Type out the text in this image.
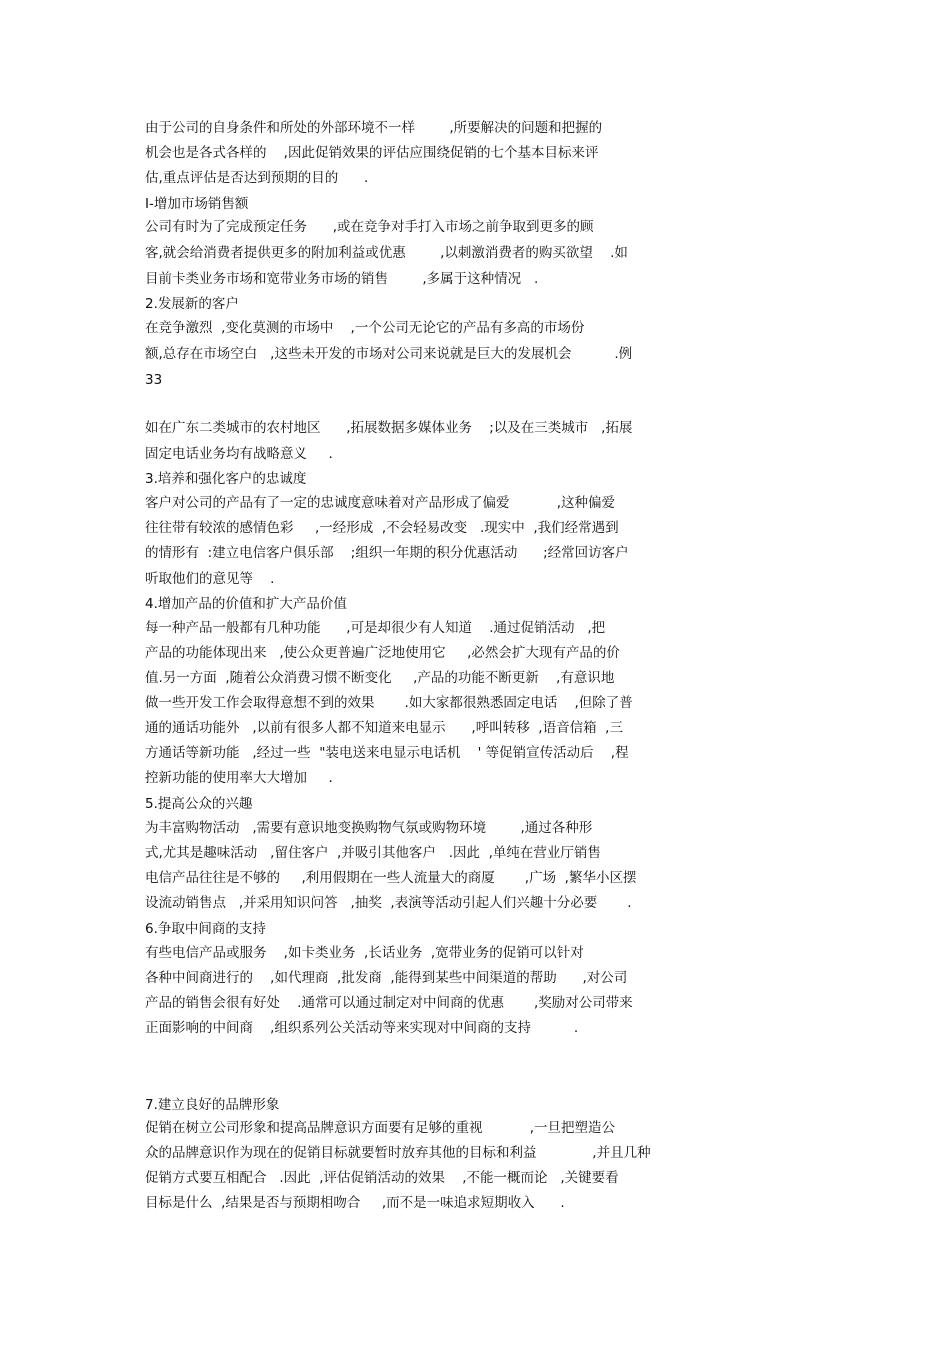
由于公司的自身条件和所处的外部环境不一样        ,所要解决的问题和把握的
机会也是各式各样的    ,因此促销效果的评估应围绕促销的七个基本目标来评
估,重点评估是否达到预期的目的      .
I-增加市场销售额
公司有时为了完成预定任务      ,或在竞争对手打入市场之前争取到更多的顾
客,就会给消费者提供更多的附加利益或优惠        ,以刺激消费者的购买欲望    .如
目前卡类业务市场和宽带业务市场的销售        ,多属于这种情况   .
2.发展新的客户
在竞争激烈  ,变化莫测的市场中    ,一个公司无论它的产品有多高的市场份
额,总存在市场空白   ,这些未开发的市场对公司来说就是巨大的发展机会          .例
33
如在广东二类城市的农村地区      ,拓展数据多媒体业务    ;以及在三类城市   ,拓展
固定电话业务均有战略意义     .
3.培养和强化客户的忠诚度
客户对公司的产品有了一定的忠诚度意味着对产品形成了偏爱           ,这种偏爱
往往带有较浓的感情色彩     ,一经形成  ,不会轻易改变   .现实中  ,我们经常遇到
的情形有  :建立电信客户俱乐部    ;组织一年期的积分优惠活动      ;经常回访客户
听取他们的意见等    .
4.增加产品的价值和扩大产品价值
每一种产品一般都有几种功能      ,可是却很少有人知道    .通过促销活动   ,把
产品的功能体现出来   ,使公众更普遍广泛地使用它     ,必然会扩大现有产品的价
值.另一方面  ,随着公众消费习惯不断变化     ,产品的功能不断更新    ,有意识地
做一些开发工作会取得意想不到的效果       .如大家都很熟悉固定电话    ,但除了普
通的通话功能外   ,以前有很多人都不知道来电显示      ,呼叫转移  ,语音信箱  ,三
方通话等新功能   ,经过一些  "装电送来电显示电话机    ' 等促销宣传活动后    ,程
控新功能的使用率大大增加     .
5.提高公众的兴趣
为丰富购物活动   ,需要有意识地变换购物气氛或购物环境        ,通过各种形
式,尤其是趣味活动   ,留住客户  ,并吸引其他客户   .因此  ,单纯在营业厅销售
电信产品往往是不够的     ,利用假期在一些人流量大的商厦       ,广场  ,繁华小区摆
设流动销售点   ,并采用知识问答   ,抽奖  ,表演等活动引起人们兴趣十分必要       .
6.争取中间商的支持
有些电信产品或服务    ,如卡类业务  ,长话业务  ,宽带业务的促销可以针对
各种中间商进行的    ,如代理商  ,批发商  ,能得到某些中间渠道的帮助      ,对公司
产品的销售会很有好处    .通常可以通过制定对中间商的优惠       ,奖励对公司带来
正面影响的中间商    ,组织系列公关活动等来实现对中间商的支持          .
7.建立良好的品牌形象
促销在树立公司形象和提高品牌意识方面要有足够的重视           ,一旦把塑造公
众的品牌意识作为现在的促销目标就要暂时放弃其他的目标和利益             ,并且几种
促销方式要互相配合   .因此  ,评估促销活动的效果    ,不能一概而论   ,关键要看
目标是什么  ,结果是否与预期相吻合     ,而不是一味追求短期收入      .
